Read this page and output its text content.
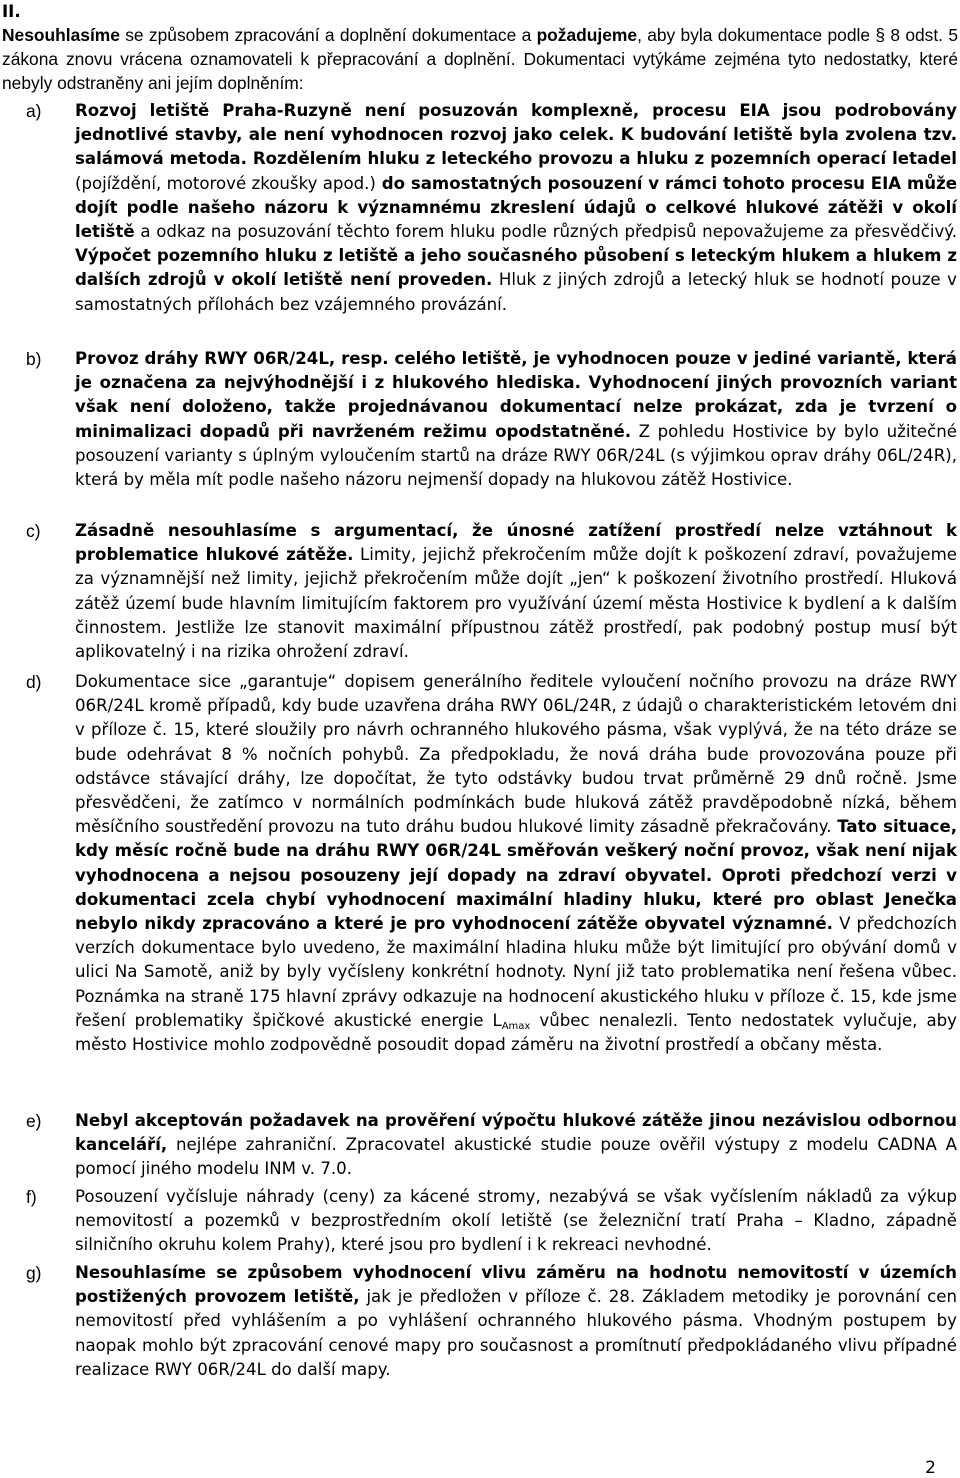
II.
Nesouhlasíme se způsobem zpracování a doplnění dokumentace a požadujeme, aby byla dokumentace podle § 8 odst. 5 zákona znovu vrácena oznamovateli k přepracování a doplnění. Dokumentaci vytýkáme zejména tyto nedostatky, které nebyly odstraněny ani jejím doplněním:
a) Rozvoj letiště Praha-Ruzyně není posuzován komplexně, procesu EIA jsou podrobovány jednotlivé stavby, ale není vyhodnocen rozvoj jako celek. K budování letiště byla zvolena tzv. salámová metoda. Rozdělením hluku z leteckého provozu a hluku z pozemních operací letadel (pojíždění, motorové zkoušky apod.) do samostatných posouzení v rámci tohoto procesu EIA může dojít podle našeho názoru k významnému zkreslení údajů o celkové hlukové zátěži v okolí letiště a odkaz na posuzování těchto forem hluku podle různých předpisů nepovažujeme za přesvědčivý. Výpočet pozemního hluku z letiště a jeho současného působení s leteckým hlukem a hlukem z dalších zdrojů v okolí letiště není proveden. Hluk z jiných zdrojů a letecký hluk se hodnotí pouze v samostatných přílohách bez vzájemného provázání.
b) Provoz dráhy RWY 06R/24L, resp. celého letiště, je vyhodnocen pouze v jediné variantě, která je označena za nejvýhodnější i z hlukového hlediska. Vyhodnocení jiných provozních variant však není doloženo, takže projednávanou dokumentací nelze prokázat, zda je tvrzení o minimalizaci dopadů při navrženém režimu opodstatněné. Z pohledu Hostivice by bylo užitečné posouzení varianty s úplným vyloučením startů na dráze RWY 06R/24L (s výjimkou oprav dráhy 06L/24R), která by měla mít podle našeho názoru nejmenší dopady na hlukovou zátěž Hostivice.
c) Zásadně nesouhlasíme s argumentací, že únosné zatížení prostředí nelze vztáhnout k problematice hlukové zátěže. Limity, jejichž překročením může dojít k poškození zdraví, považujeme za významnější než limity, jejichž překročením může dojít „jen“ k poškození životního prostředí. Hluková zátěž území bude hlavním limitujícím faktorem pro využívání území města Hostivice k bydlení a k dalším činnostem. Jestliže lze stanovit maximální přípustnou zátěž prostředí, pak podobný postup musí být aplikovatelný i na rizika ohrožení zdraví.
d) Dokumentace sice „garantuje“ dopisem generálního ředitele vyloučení nočního provozu na dráze RWY 06R/24L kromě případů, kdy bude uzavřena dráha RWY 06L/24R, z údajů o charakteristickém letovém dni v příloze č. 15, které sloužily pro návrh ochranného hlukového pásma, však vyplývá, že na této dráze se bude odehrávat 8 % nočních pohybů. Za předpokladu, že nová dráha bude provozována pouze při odstávce stávající dráhy, lze dopočítat, že tyto odstávky budou trvat průměrně 29 dnů ročně. Jsme přesvědčeni, že zatímco v normálních podmínkách bude hluková zátěž pravděpodobně nízká, během měsíčního soustředění provozu na tuto dráhu budou hlukové limity zásadně překračovány. Tato situace, kdy měsíc ročně bude na dráhu RWY 06R/24L směřován veškerý noční provoz, však není nijak vyhodnocena a nejsou posouzeny její dopady na zdraví obyvatel. Oproti předchozí verzi v dokumentaci zcela chybí vyhodnocení maximální hladiny hluku, které pro oblast Jenečka nebylo nikdy zpracováno a které je pro vyhodnocení zátěže obyvatel významné. V předchozích verzích dokumentace bylo uvedeno, že maximální hladina hluku může být limitující pro obývání domů v ulici Na Samotě, aniž by byly vyčísleny konkrétní hodnoty. Nyní již tato problematika není řešena vůbec. Poznámka na straně 175 hlavní zprávy odkazuje na hodnocení akustického hluku v příloze č. 15, kde jsme řešení problematiky špičkové akustické energie $L_{Amax}$ vůbec nenalezli. Tento nedostatek vylučuje, aby město Hostivice mohlo zodpovědně posoudit dopad záměru na životní prostředí a občany města.
e) Nebyl akceptován požadavek na prověření výpočtu hlukové zátěže jinou nezávislou odbornou kanceláří, nejlépe zahraniční. Zpracovatel akustické studie pouze ověřil výstupy z modelu CADNA A pomocí jiného modelu INM v. 7.0.
f) Posouzení vyčísluje náhrady (ceny) za kácené stromy, nezabývá se však vyčíslením nákladů za výkup nemovitostí a pozemků v bezprostředním okolí letiště (se železniční tratí Praha – Kladno, západně silničního okruhu kolem Prahy), které jsou pro bydlení i k rekreaci nevhodné.
g) Nesouhlasíme se způsobem vyhodnocení vlivu záměru na hodnotu nemovitostí v územích postižených provozem letiště, jak je předložen v příloze č. 28. Základem metodiky je porovnání cen nemovitostí před vyhlášením a po vyhlášení ochranného hlukového pásma. Vhodným postupem by naopak mohlo být zpracování cenové mapy pro současnost a promítnutí předpokládaného vlivu případné realizace RWY 06R/24L do další mapy.
2
